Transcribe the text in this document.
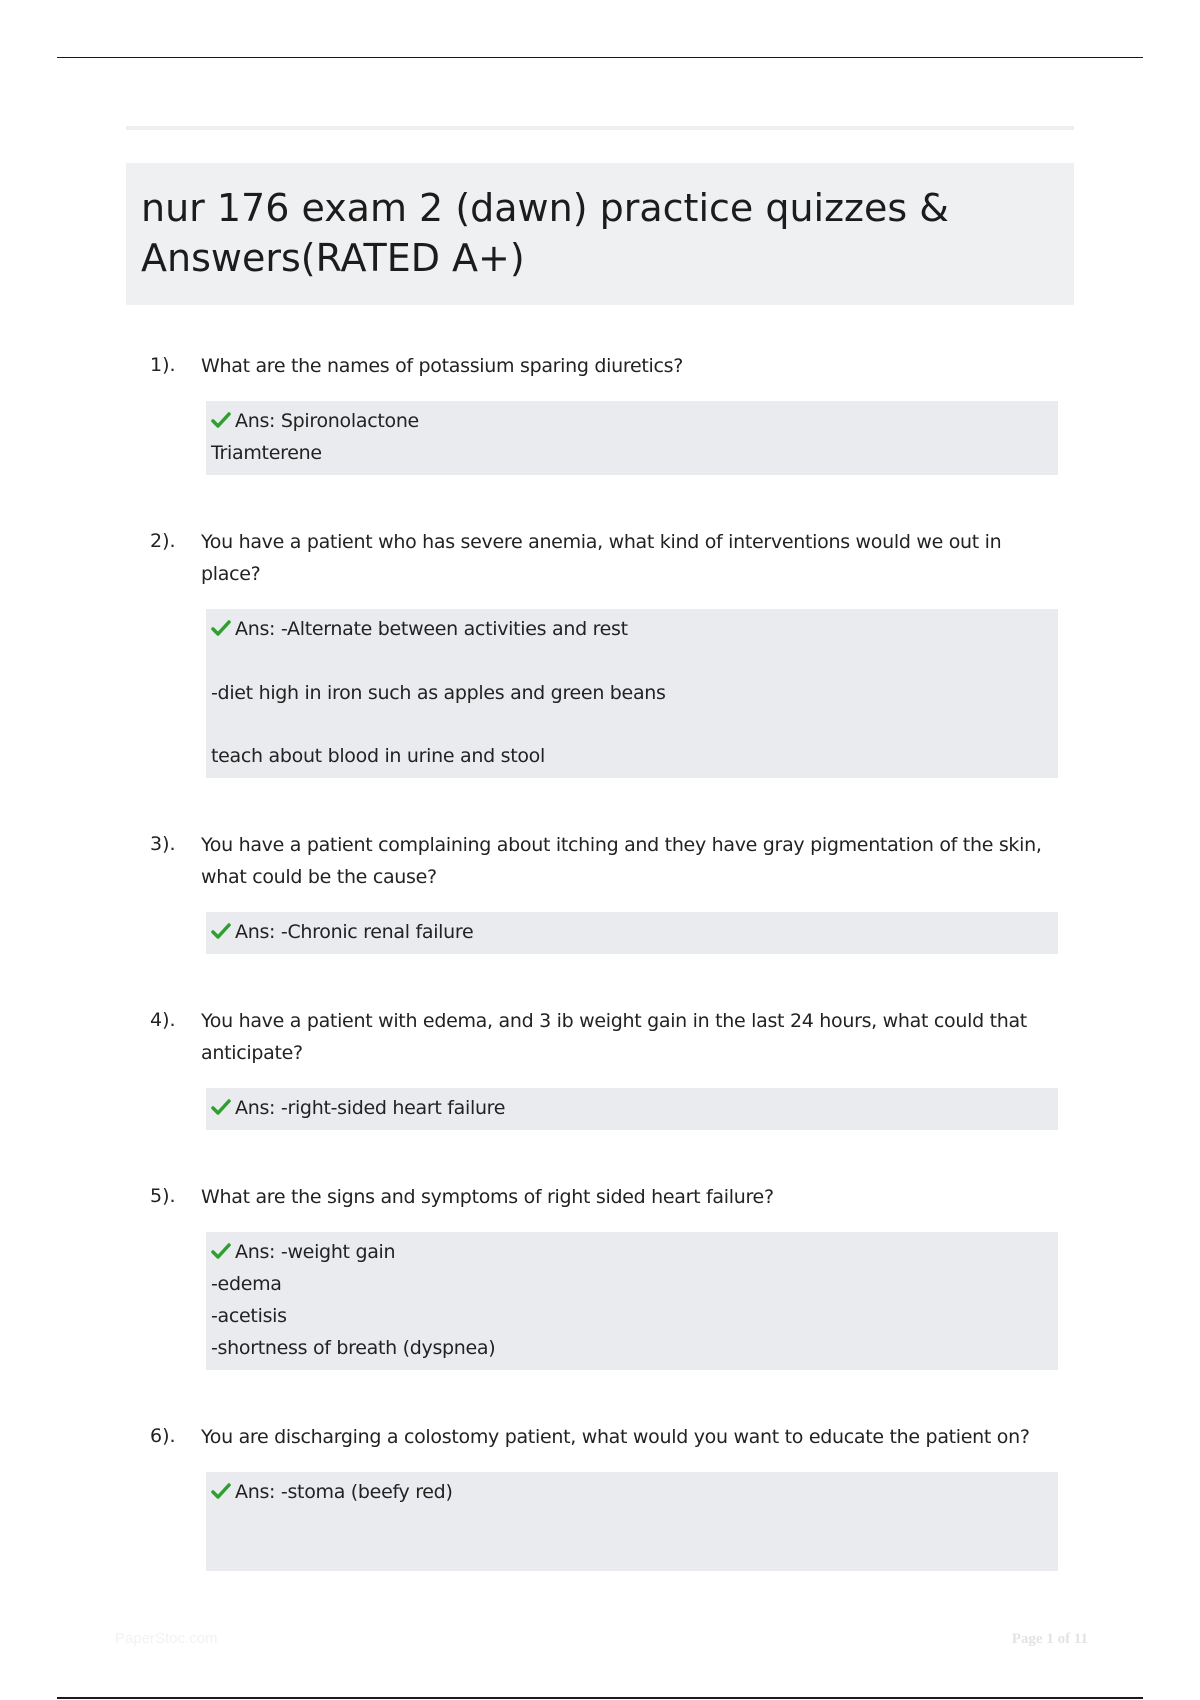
nur 176 exam 2 (dawn) practice quizzes & Answers(RATED A+)
1). What are the names of potassium sparing diuretics?
Ans: Spironolactone
Triamterene
2). You have a patient who has severe anemia, what kind of interventions would we out in place?
Ans: -Alternate between activities and rest
-diet high in iron such as apples and green beans
teach about blood in urine and stool
3). You have a patient complaining about itching and they have gray pigmentation of the skin, what could be the cause?
Ans: -Chronic renal failure
4). You have a patient with edema, and 3 ib weight gain in the last 24 hours, what could that anticipate?
Ans: -right-sided heart failure
5). What are the signs and symptoms of right sided heart failure?
Ans: -weight gain
-edema
-acetisis
-shortness of breath (dyspnea)
6). You are discharging a colostomy patient, what would you want to educate the patient on?
Ans: -stoma (beefy red)
PaperStoc.com	Page 1 of 11
